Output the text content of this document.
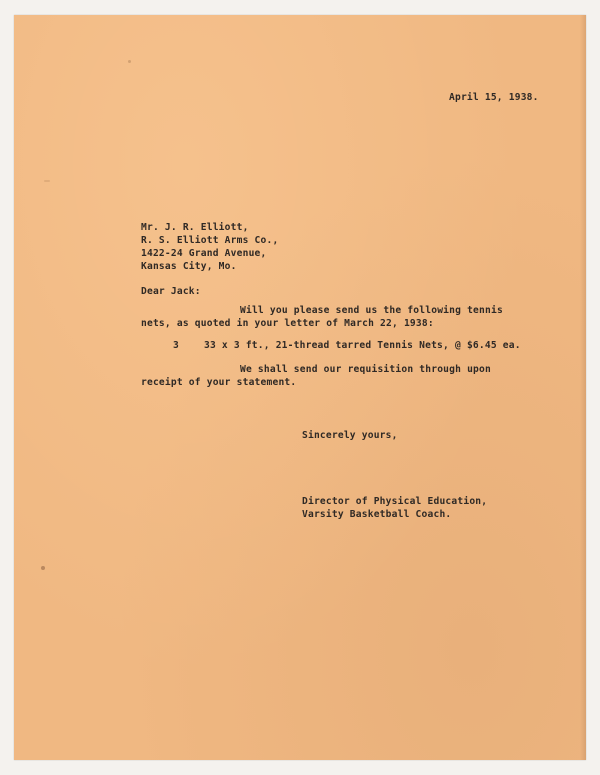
April 15, 1938.
Mr. J. R. Elliott,
R. S. Elliott Arms Co.,
1422-24 Grand Avenue,
Kansas City, Mo.
Dear Jack:
Will you please send us the following tennis
nets, as quoted in your letter of March 22, 1938:
3	33 x 3 ft., 21-thread tarred Tennis Nets, @ $6.45 ea.
We shall send our requisition through upon
receipt of your statement.
Sincerely yours,
Director of Physical Education,
Varsity Basketball Coach.
